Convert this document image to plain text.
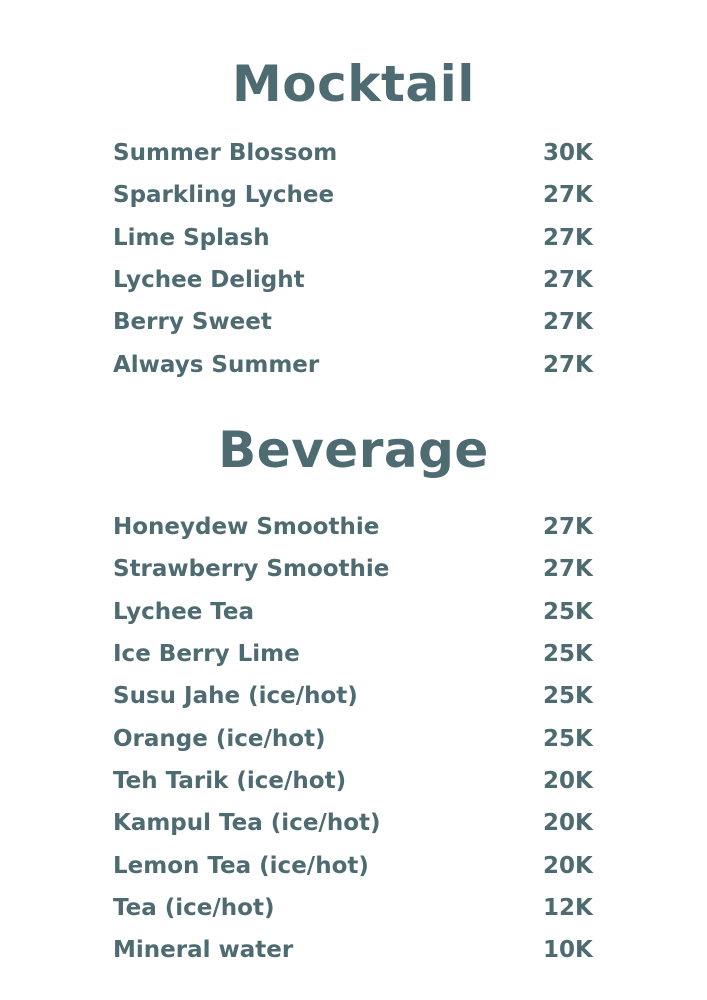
Mocktail
Summer Blossom	30K
Sparkling Lychee	27K
Lime Splash	27K
Lychee Delight	27K
Berry Sweet	27K
Always Summer	27K
Beverage
Honeydew Smoothie	27K
Strawberry Smoothie	27K
Lychee Tea	25K
Ice Berry Lime	25K
Susu Jahe (ice/hot)	25K
Orange (ice/hot)	25K
Teh Tarik (ice/hot)	20K
Kampul Tea (ice/hot)	20K
Lemon Tea (ice/hot)	20K
Tea (ice/hot)	12K
Mineral water	10K
